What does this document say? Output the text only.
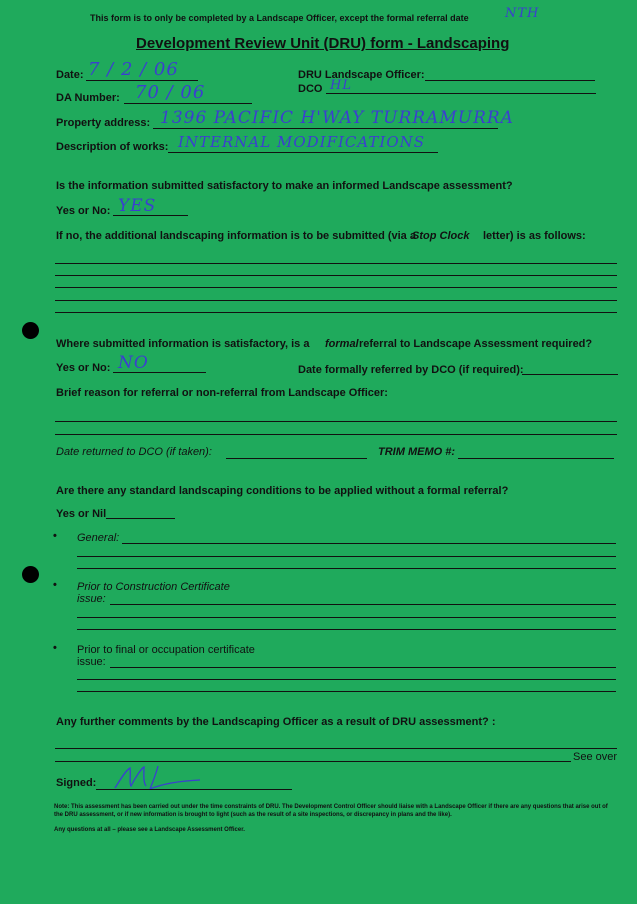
This form is to only be completed by a Landscape Officer, except the formal referral date	NTH
Development Review Unit (DRU) form - Landscaping
Date: 7 / 2 / 06	DRU Landscape Officer:
DCO HL
DA Number: 70 / 06
Property address: 1396 PACIFIC H'WAY TURRAMURRA
Description of works: INTERNAL MODIFICATIONS
Is the information submitted satisfactory to make an informed Landscape assessment?
Yes or No: YES
If no, the additional landscaping information is to be submitted (via a
Stop Clock letter) is as follows:
Where submitted information is satisfactory, is a formal referral to Landscape Assessment required?
Yes or No: NO	Date formally referred by DCO (if required):
Brief reason for referral or non-referral from Landscape Officer:
Date returned to DCO (if taken):	TRIM MEMO #:
Are there any standard landscaping conditions to be applied without a formal referral?
Yes or Nil
• General:
• Prior to Construction Certificate
issue:
• Prior to final or occupation certificate
issue:
Any further comments by the Landscaping Officer as a result of DRU assessment? :
See over
Signed:
Note: This assessment has been carried out under the time constraints of DRU. The Development Control Officer should liaise with a Landscape Officer if there are any questions that arise out of the DRU assessment, or if new information is brought to light (such as the result of a site inspections, or discrepancy in plans and the like).
Any questions at all – please see a Landscape Assessment Officer.
